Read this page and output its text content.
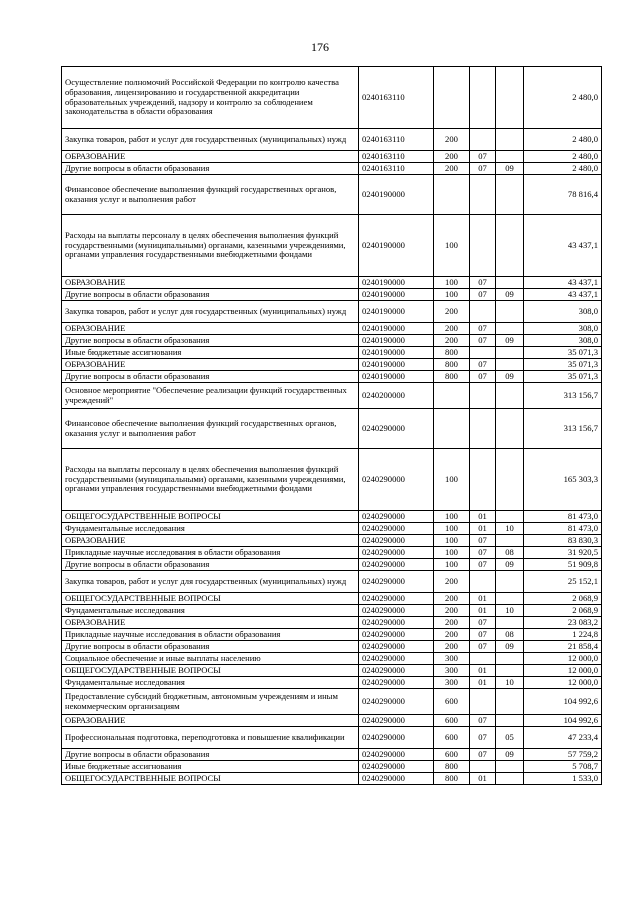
176
Осуществление полномочий Российской Федерации по контролю качества образования, лицензированию и государственной аккредитации образовательных учреждений, надзору и контролю за соблюдением законодательства в области образования	0240163110				2 480,0
Закупка товаров, работ и услуг для государственных (муниципальных) нужд	0240163110	200			2 480,0
ОБРАЗОВАНИЕ	0240163110	200	07		2 480,0
Другие вопросы в области образования	0240163110	200	07	09	2 480,0
Финансовое обеспечение выполнения функций государственных органов, оказания услуг и выполнения работ	0240190000				78 816,4
Расходы на выплаты персоналу в целях обеспечения выполнения функций государственными (муниципальными) органами, казенными учреждениями, органами управления государственными внебюджетными фондами	0240190000	100			43 437,1
ОБРАЗОВАНИЕ	0240190000	100	07		43 437,1
Другие вопросы в области образования	0240190000	100	07	09	43 437,1
Закупка товаров, работ и услуг для государственных (муниципальных) нужд	0240190000	200			308,0
ОБРАЗОВАНИЕ	0240190000	200	07		308,0
Другие вопросы в области образования	0240190000	200	07	09	308,0
Иные бюджетные ассигнования	0240190000	800			35 071,3
ОБРАЗОВАНИЕ	0240190000	800	07		35 071,3
Другие вопросы в области образования	0240190000	800	07	09	35 071,3
Основное мероприятие "Обеспечение реализации функций государственных учреждений"	0240200000				313 156,7
Финансовое обеспечение выполнения функций государственных органов, оказания услуг и выполнения работ	0240290000				313 156,7
Расходы на выплаты персоналу в целях обеспечения выполнения функций государственными (муниципальными) органами, казенными учреждениями, органами управления государственными внебюджетными фондами	0240290000	100			165 303,3
ОБЩЕГОСУДАРСТВЕННЫЕ ВОПРОСЫ	0240290000	100	01		81 473,0
Фундаментальные исследования	0240290000	100	01	10	81 473,0
ОБРАЗОВАНИЕ	0240290000	100	07		83 830,3
Прикладные научные исследования в области образования	0240290000	100	07	08	31 920,5
Другие вопросы в области образования	0240290000	100	07	09	51 909,8
Закупка товаров, работ и услуг для государственных (муниципальных) нужд	0240290000	200			25 152,1
ОБЩЕГОСУДАРСТВЕННЫЕ ВОПРОСЫ	0240290000	200	01		2 068,9
Фундаментальные исследования	0240290000	200	01	10	2 068,9
ОБРАЗОВАНИЕ	0240290000	200	07		23 083,2
Прикладные научные исследования в области образования	0240290000	200	07	08	1 224,8
Другие вопросы в области образования	0240290000	200	07	09	21 858,4
Социальное обеспечение и иные выплаты населению	0240290000	300			12 000,0
ОБЩЕГОСУДАРСТВЕННЫЕ ВОПРОСЫ	0240290000	300	01		12 000,0
Фундаментальные исследования	0240290000	300	01	10	12 000,0
Предоставление субсидий бюджетным, автономным учреждениям и иным некоммерческим организациям	0240290000	600			104 992,6
ОБРАЗОВАНИЕ	0240290000	600	07		104 992,6
Профессиональная подготовка, переподготовка и повышение квалификации	0240290000	600	07	05	47 233,4
Другие вопросы в области образования	0240290000	600	07	09	57 759,2
Иные бюджетные ассигнования	0240290000	800			5 708,7
ОБЩЕГОСУДАРСТВЕННЫЕ ВОПРОСЫ	0240290000	800	01		1 533,0
